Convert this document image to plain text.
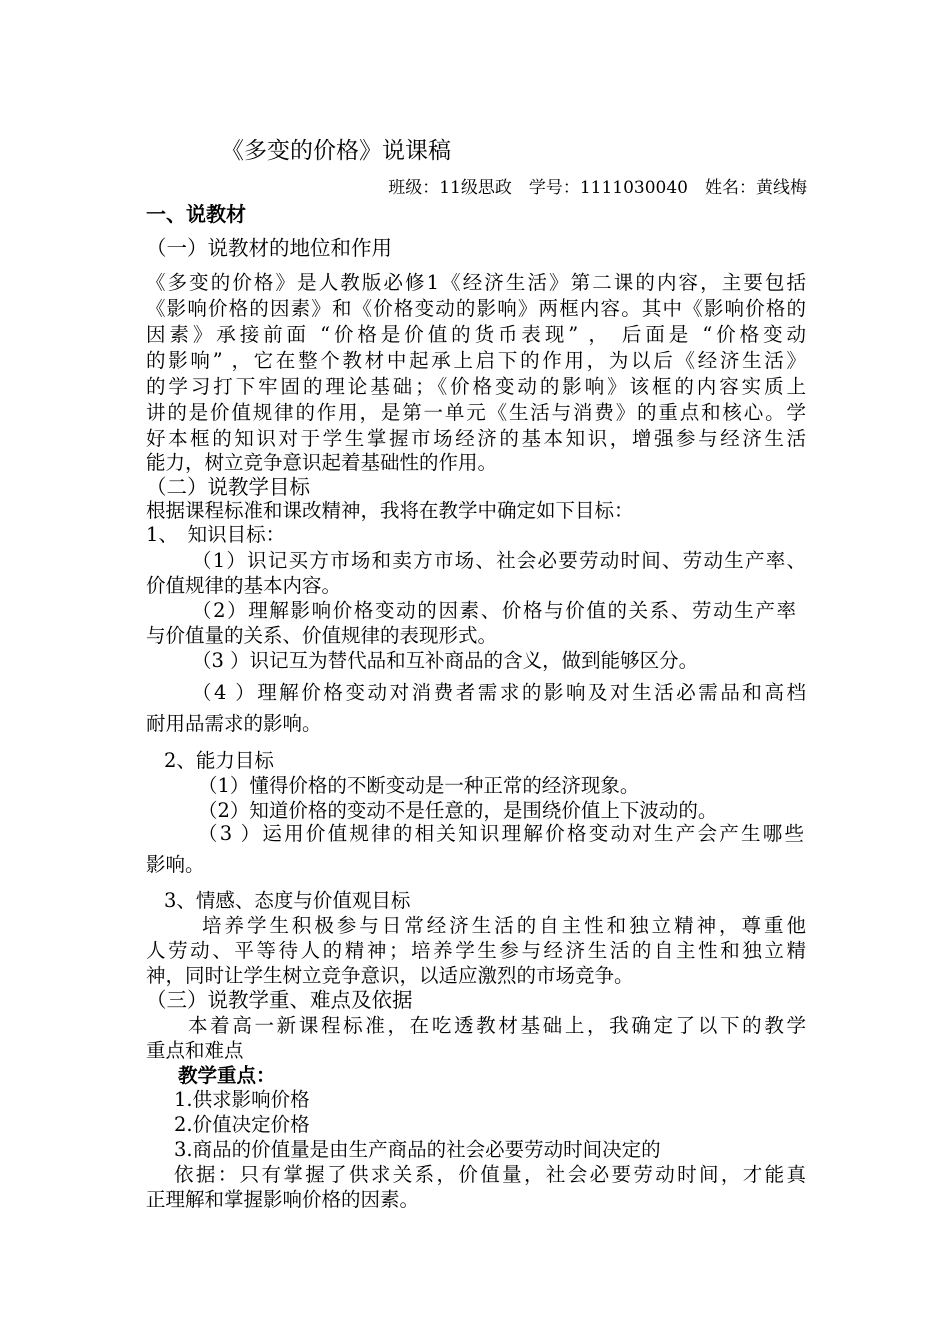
《多变的价格》说课稿
班级：11级思政　学号：1111030040　姓名：黄线梅
一、说教材
（一）说教材的地位和作用
《多变的价格》是人教版必修1《经济生活》第二课的内容，主要包括
《影响价格的因素》和《价格变动的影响》两框内容。其中《影响价格的
因素》承接前面 “价格是价值的货币表现” ， 后面是 “价格变动
的影响” ，它在整个教材中起承上启下的作用，为以后《经济生活》
的学习打下牢固的理论基础；《价格变动的影响》该框的内容实质上
讲的是价值规律的作用，是第一单元《生活与消费》的重点和核心。学
好本框的知识对于学生掌握市场经济的基本知识，增强参与经济生活
能力，树立竞争意识起着基础性的作用。
（二）说教学目标
根据课程标准和课改精神，我将在教学中确定如下目标：
1、　知识目标：
（1）识记买方市场和卖方市场、社会必要劳动时间、劳动生产率、
价值规律的基本内容。
（2）理解影响价格变动的因素、价格与价值的关系、劳动生产率
与价值量的关系、价值规律的表现形式。
（3 ）识记互为替代品和互补商品的含义，做到能够区分。
（4 ）理解价格变动对消费者需求的影响及对生活必需品和高档
耐用品需求的影响。
2、能力目标
（1）懂得价格的不断变动是一种正常的经济现象。
（2）知道价格的变动不是任意的，是围绕价值上下波动的。
（3 ）运用价值规律的相关知识理解价格变动对生产会产生哪些
影响。
3、情感、态度与价值观目标
培养学生积极参与日常经济生活的自主性和独立精神，尊重他
人劳动、平等待人的精神；培养学生参与经济生活的自主性和独立精
神，同时让学生树立竞争意识，以适应激烈的市场竞争。
（三）说教学重、难点及依据
本着高一新课程标准，在吃透教材基础上，我确定了以下的教学
重点和难点
教学重点：
1.供求影响价格
2.价值决定价格
3.商品的价值量是由生产商品的社会必要劳动时间决定的
依据：只有掌握了供求关系，价值量，社会必要劳动时间，才能真
正理解和掌握影响价格的因素。
